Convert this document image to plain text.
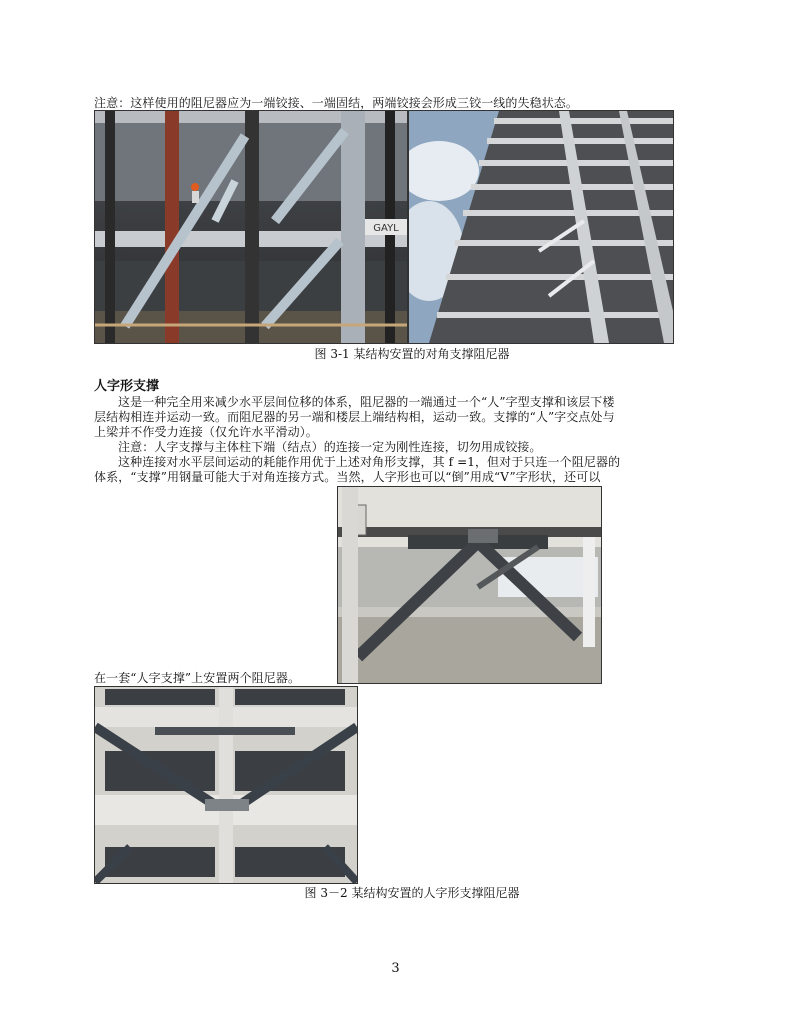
注意：这样使用的阻尼器应为一端铰接、一端固结，两端铰接会形成三铰一线的失稳状态。
GAYL
图 3-1 某结构安置的对角支撑阻尼器
人字形支撑
这是一种完全用来减少水平层间位移的体系，阻尼器的一端通过一个“人”字型支撑和该层下楼
层结构相连并运动一致。而阻尼器的另一端和楼层上端结构相，运动一致。支撑的“人”字交点处与
上梁并不作受力连接（仅允许水平滑动）。
注意：人字支撑与主体柱下端（结点）的连接一定为刚性连接，切勿用成铰接。
这种连接对水平层间运动的耗能作用优于上述对角形支撑，其 f =1，但对于只连一个阻尼器的
体系，“支撑”用钢量可能大于对角连接方式。当然，人字形也可以“倒”用成“V”字形状，还可以
在一套“人字支撑”上安置两个阻尼器。
图 3－2 某结构安置的人字形支撑阻尼器
3
